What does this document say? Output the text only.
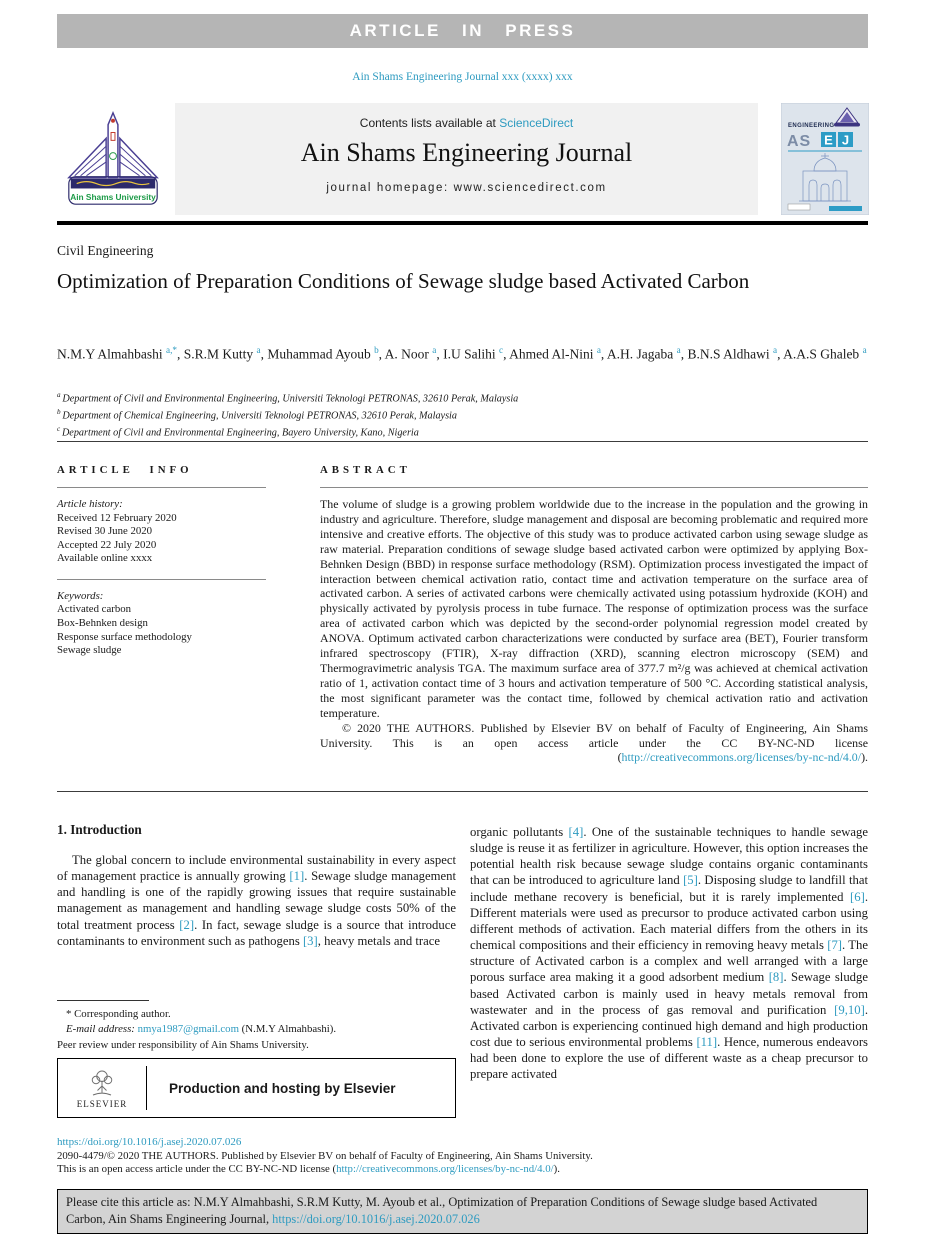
ARTICLE IN PRESS
Ain Shams Engineering Journal xxx (xxxx) xxx
Ain Shams University
Contents lists available at ScienceDirect
Ain Shams Engineering Journal
journal homepage: www.sciencedirect.com
ENGINEERING
AS E J
Civil Engineering
Optimization of Preparation Conditions of Sewage sludge based Activated Carbon
N.M.Y Almahbashi $^{a,*}$, S.R.M Kutty $^a$, Muhammad Ayoub $^b$, A. Noor $^a$, I.U Salihi $^c$, Ahmed Al-Nini $^a$, A.H. Jagaba $^a$, B.N.S Aldhawi $^a$, A.A.S Ghaleb $^a$
$^a$ Department of Civil and Environmental Engineering, Universiti Teknologi PETRONAS, 32610 Perak, Malaysia
$^b$ Department of Chemical Engineering, Universiti Teknologi PETRONAS, 32610 Perak, Malaysia
$^c$ Department of Civil and Environmental Engineering, Bayero University, Kano, Nigeria
ARTICLE INFO
Article history:
Received 12 February 2020
Revised 30 June 2020
Accepted 22 July 2020
Available online xxxx
Keywords:
Activated carbon
Box-Behnken design
Response surface methodology
Sewage sludge
ABSTRACT

The volume of sludge is a growing problem worldwide due to the increase in the population and the growing in industry and agriculture. Therefore, sludge management and disposal are becoming problematic and required more intensive and creative efforts. The objective of this study was to produce activated carbon using sewage sludge as raw material. Preparation conditions of sewage sludge based activated carbon were optimized by applying Box-Behnken Design (BBD) in response surface methodology (RSM). Optimization process investigated the impact of interaction between chemical activation ratio, contact time and activation temperature on the surface area of activated carbon. A series of activated carbons were chemically activated using potassium hydroxide (KOH) and physically activated by pyrolysis process in tube furnace. The response of optimization process was the surface area of activated carbon which was depicted by the second-order polynomial regression model created by ANOVA. Optimum activated carbon characterizations were conducted by surface area (BET), Fourier transform infrared spectroscopy (FTIR), X-ray diffraction (XRD), scanning electron microscopy (SEM) and Thermogravimetric analysis TGA. The maximum surface area of 377.7 m²/g was achieved at chemical activation ratio of 1, activation contact time of 3 hours and activation temperature of 500 °C. According statistical analysis, the most significant parameter was the contact time, followed by chemical activation ratio and activation temperature.

© 2020 THE AUTHORS. Published by Elsevier BV on behalf of Faculty of Engineering, Ain Shams University. This is an open access article under the CC BY-NC-ND license (http://creativecommons.org/licenses/by-nc-nd/4.0/).

1. Introduction

The global concern to include environmental sustainability in every aspect of management practice is annually growing [1]. Sewage sludge management and handling is one of the rapidly growing issues that require sustainable management as management and handling sewage sludge costs 50% of the total treatment process [2]. In fact, sewage sludge is a source that introduce contaminants to environment such as pathogens [3], heavy metals and trace

organic pollutants [4]. One of the sustainable techniques to handle sewage sludge is reuse it as fertilizer in agriculture. However, this option increases the potential health risk because sewage sludge contains organic contaminants that can be introduced to agriculture land [5]. Disposing sludge to landfill that include methane recovery is beneficial, but it is rarely implemented [6]. Different materials were used as precursor to produce activated carbon using different methods of activation. Each material differs from the others in its chemical compositions and their efficiency in removing heavy metals [7]. The structure of Activated carbon is a complex and well arranged with a large porous surface area making it a good adsorbent medium [8]. Sewage sludge based Activated carbon is mainly used in heavy metals removal from wastewater and in the process of gas removal and purification [9,10]. Activated carbon is experiencing continued high demand and high production cost due to serious environmental problems [11]. Hence, numerous endeavors had been done to explore the use of different waste as a cheap precursor to prepare activated
* Corresponding author.
E-mail address: nmya1987@gmail.com (N.M.Y Almahbashi).
Peer review under responsibility of Ain Shams University.
ELSEVIER
Production and hosting by Elsevier
https://doi.org/10.1016/j.asej.2020.07.026
2090-4479/© 2020 THE AUTHORS. Published by Elsevier BV on behalf of Faculty of Engineering, Ain Shams University.
This is an open access article under the CC BY-NC-ND license (http://creativecommons.org/licenses/by-nc-nd/4.0/).
Please cite this article as: N.M.Y Almahbashi, S.R.M Kutty, M. Ayoub et al., Optimization of Preparation Conditions of Sewage sludge based Activated Carbon, Ain Shams Engineering Journal, https://doi.org/10.1016/j.asej.2020.07.026
